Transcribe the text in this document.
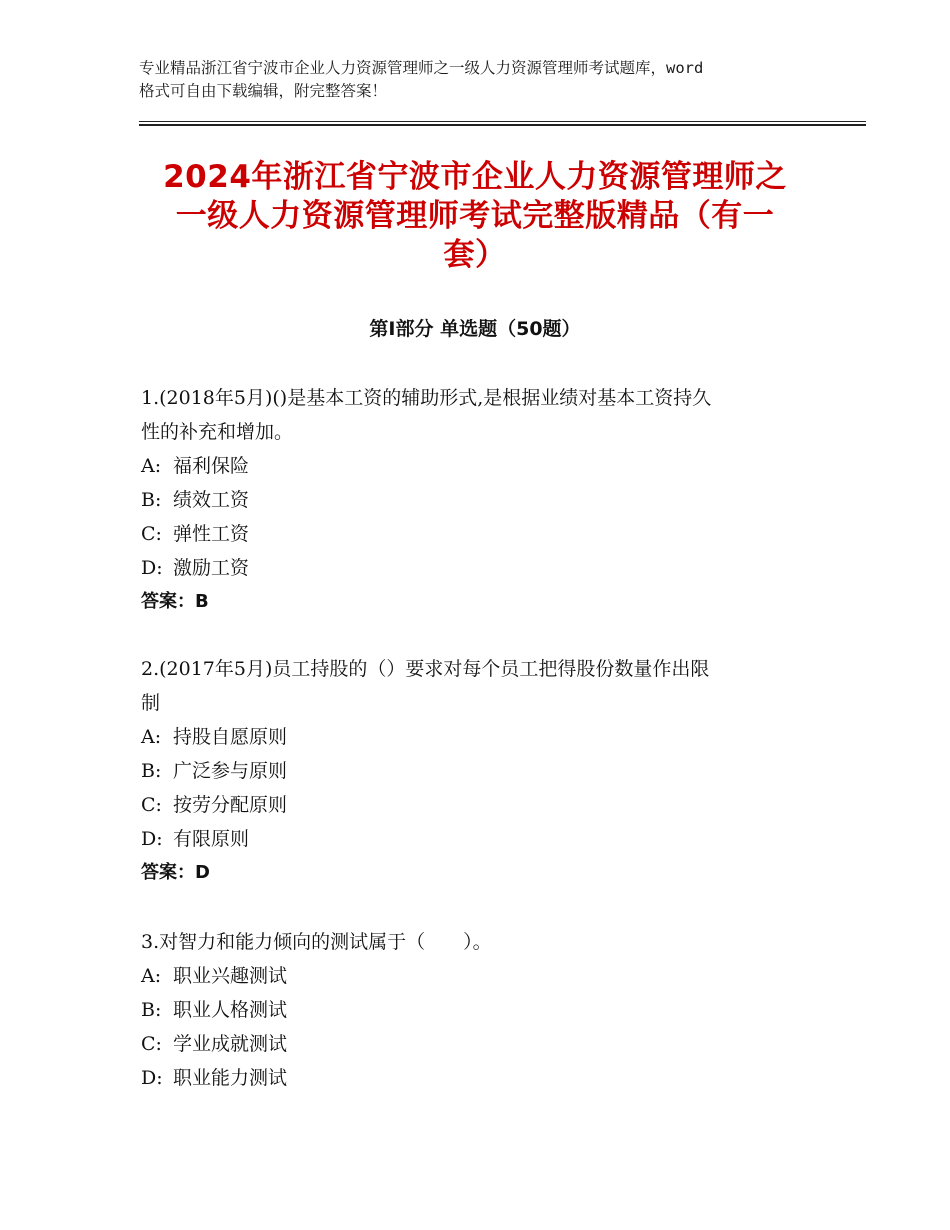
专业精品浙江省宁波市企业人力资源管理师之一级人力资源管理师考试题库，word
格式可自由下载编辑，附完整答案！
2024年浙江省宁波市企业人力资源管理师之
一级人力资源管理师考试完整版精品（有一
套）
第Ⅰ部分 单选题（50题）

1.(2018年5月)()是基本工资的辅助形式,是根据业绩对基本工资持久
性的补充和增加。

A: 福利保险

B: 绩效工资

C: 弹性工资

D: 激励工资

答案：B

2.(2017年5月)员工持股的（）要求对每个员工把得股份数量作出限
制

A: 持股自愿原则

B: 广泛参与原则

C: 按劳分配原则

D: 有限原则

答案：D

3.对智力和能力倾向的测试属于（　　）。

A: 职业兴趣测试

B: 职业人格测试

C: 学业成就测试

D: 职业能力测试
